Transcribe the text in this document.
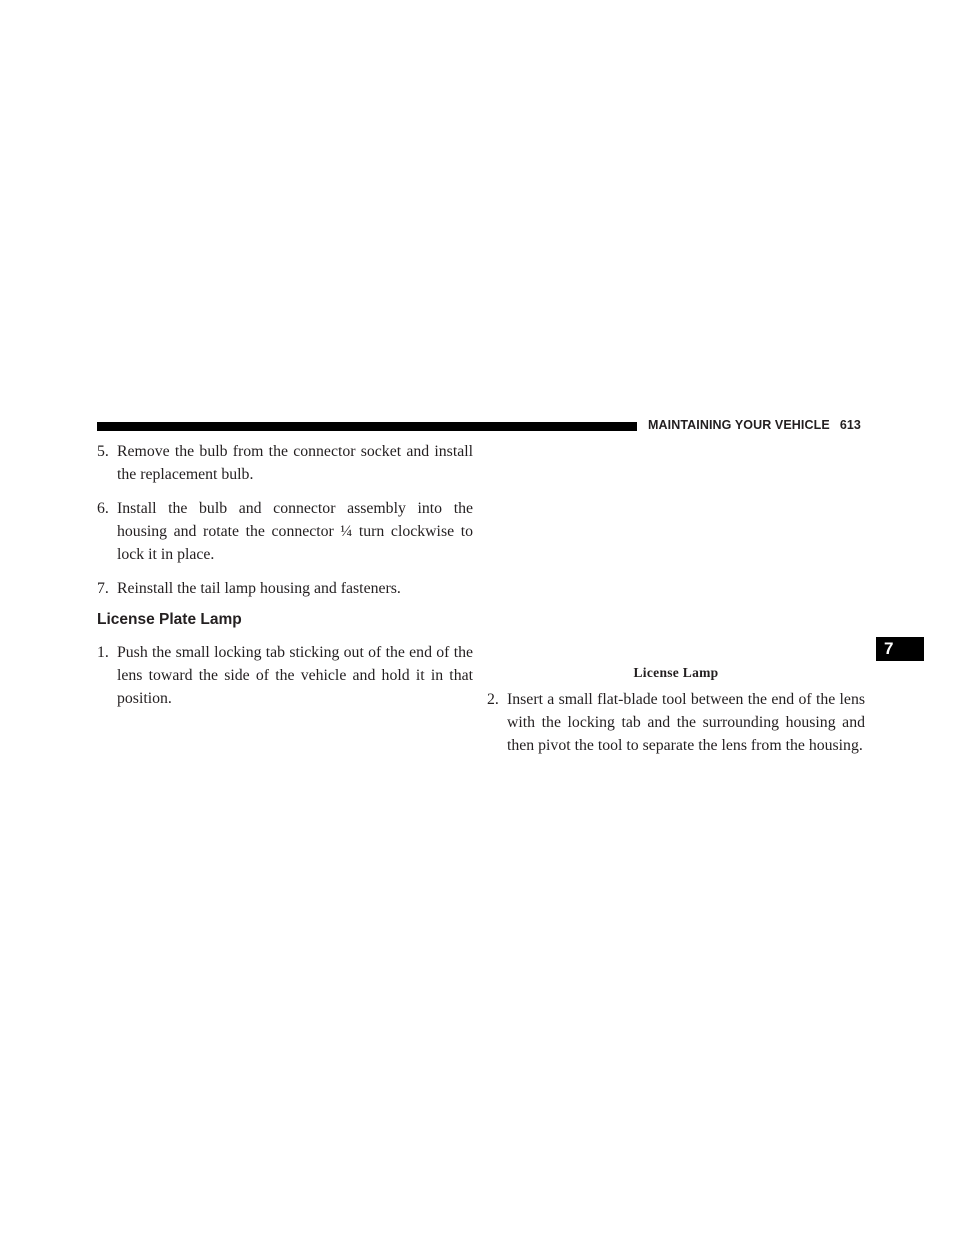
MAINTAINING YOUR VEHICLE 613
7

5. Remove the bulb from the connector socket and install the replacement bulb.

6. Install the bulb and connector assembly into the housing and rotate the connector ¼ turn clockwise to lock it in place.

7. Reinstall the tail lamp housing and fasteners.

License Plate Lamp

1. Push the small locking tab sticking out of the end of the lens toward the side of the vehicle and hold it in that position.

License Lamp

2. Insert a small flat-blade tool between the end of the lens with the locking tab and the surrounding housing and then pivot the tool to separate the lens from the housing.
